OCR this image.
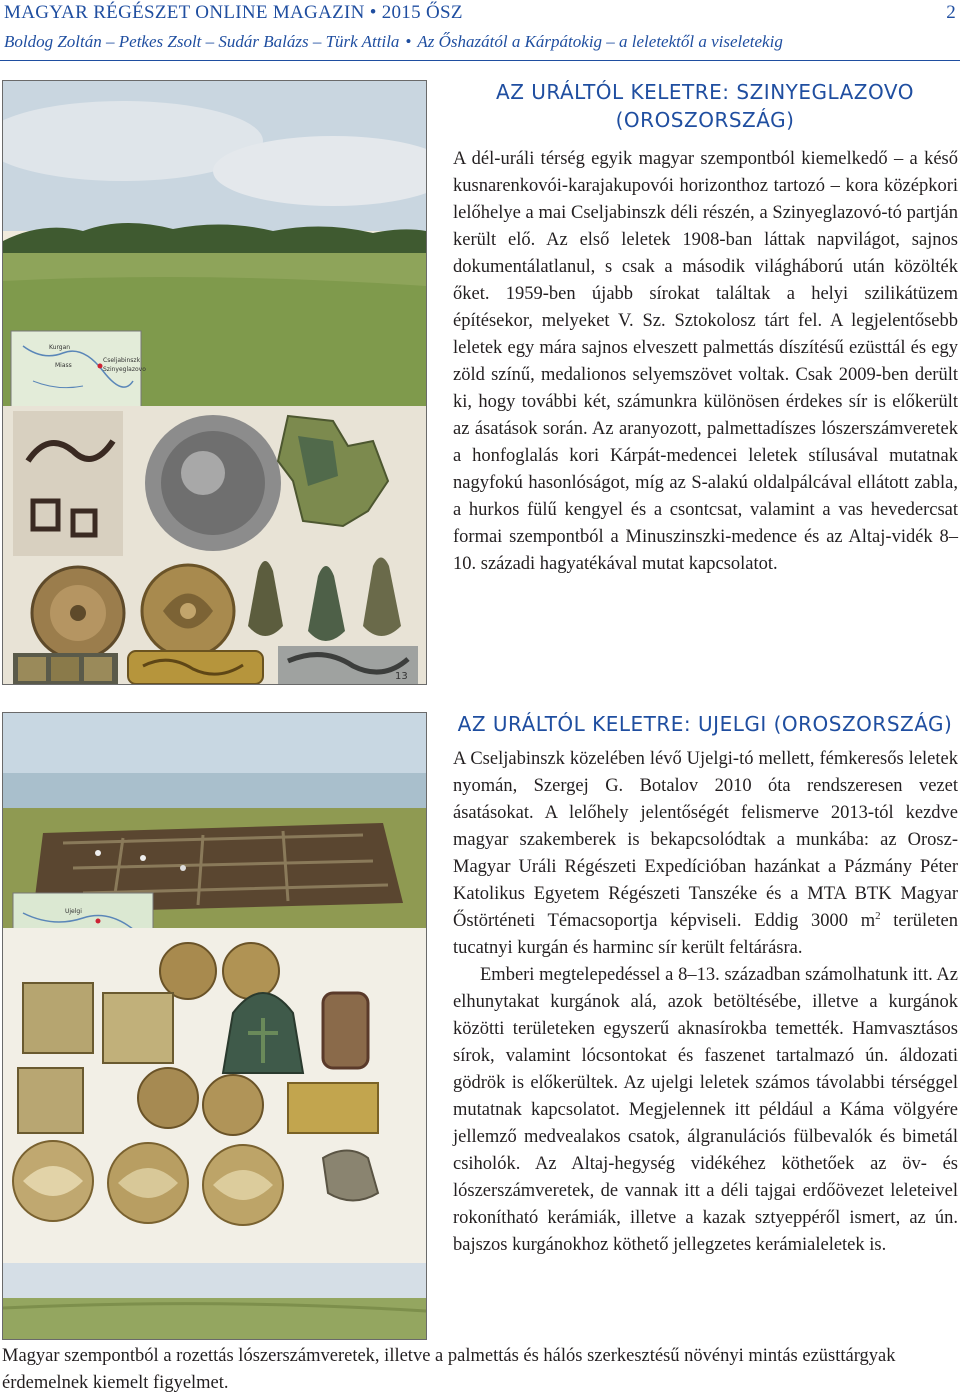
MAGYAR RÉGÉSZET ONLINE MAGAZIN • 2015 ŐSZ	2
Boldog Zoltán – Petkes Zsolt – Sudár Balázs – Türk Attila • Az Őshazától a Kárpátokig – a leletektől a viseletekig
Kurgan
Miass
Cseljabinszk
Szinyeglazovo
13
AZ URÁLTÓL KELETRE: SZINYEGLAZOVO
(OROSZORSZÁG)

A dél-uráli térség egyik magyar szempontból kiemelkedő – a késő kusnarenkovói-karajakupovói horizonthoz tartozó – kora középkori lelőhelye a mai Cseljabinszk déli részén, a Szinyeglazovó-tó partján került elő. Az első leletek 1908-ban láttak napvilágot, sajnos dokumentálatlanul, s csak a második világháború után közölték őket. 1959-ben újabb sírokat találtak a helyi szilikátüzem építésekor, melyeket V. Sz. Sztokolosz tárt fel. A legjelentősebb leletek egy mára sajnos elveszett palmettás díszítésű ezüsttál és egy zöld színű, medalionos selyemszövet voltak. Csak 2009-ben derült ki, hogy további két, számunkra különösen érdekes sír is előkerült az ásatások során. Az aranyozott, palmettadíszes lószerszámveretek a honfoglalás kori Kárpát-medencei leletek stílusával mutatnak nagyfokú hasonlóságot, míg az S-alakú oldalpálcával ellátott zabla, a hurkos fülű kengyel és a csontcsat, valamint a vas hevedercsat formai szempontból a Minuszinszki-medence és az Altaj-vidék 8–10. századi hagyatékával mutat kapcsolatot.

Ujelgi
AZ URÁLTÓL KELETRE: UJELGI (OROSZORSZÁG)

A Cseljabinszk közelében lévő Ujelgi-tó mellett, fémkeresős leletek nyomán, Szergej G. Botalov 2010 óta rendszeresen vezet ásatásokat. A lelőhely jelentőségét felismerve 2013-tól kezdve magyar szakemberek is bekapcsolódtak a munkába: az Orosz-Magyar Uráli Régészeti Expedícióban hazánkat a Pázmány Péter Katolikus Egyetem Régészeti Tanszéke és a MTA BTK Magyar Őstörténeti Témacsoportja képviseli. Eddig 3000 $m^2$ területen tucatnyi kurgán és harminc sír került feltárásra.

Emberi megtelepedéssel a 8–13. században számolhatunk itt. Az elhunytakat kurgánok alá, azok betöltésébe, illetve a kurgánok közötti területeken egyszerű aknasírokba temették. Hamvasztásos sírok, valamint lócsontokat és faszenet tartalmazó ún. áldozati gödrök is előkerültek. Az ujelgi leletek számos távolabbi térséggel mutatnak kapcsolatot. Megjelennek itt például a Káma völgyére jellemző medvealakos csatok, álgranulációs fülbevalók és bimetál csiholók. Az Altaj-hegység vidékéhez köthetőek az öv- és lószerszámveretek, de vannak itt a déli tajgai erdőövezet leleteivel rokonítható kerámiák, illetve a kazak sztyeppéről ismert, az ún. bajszos kurgánokhoz köthető jellegzetes kerámialeletek is.

Magyar szempontból a rozettás lószerszámveretek, illetve a palmettás és hálós szerkesztésű növényi mintás ezüsttárgyak érdemelnek kiemelt figyelmet.
